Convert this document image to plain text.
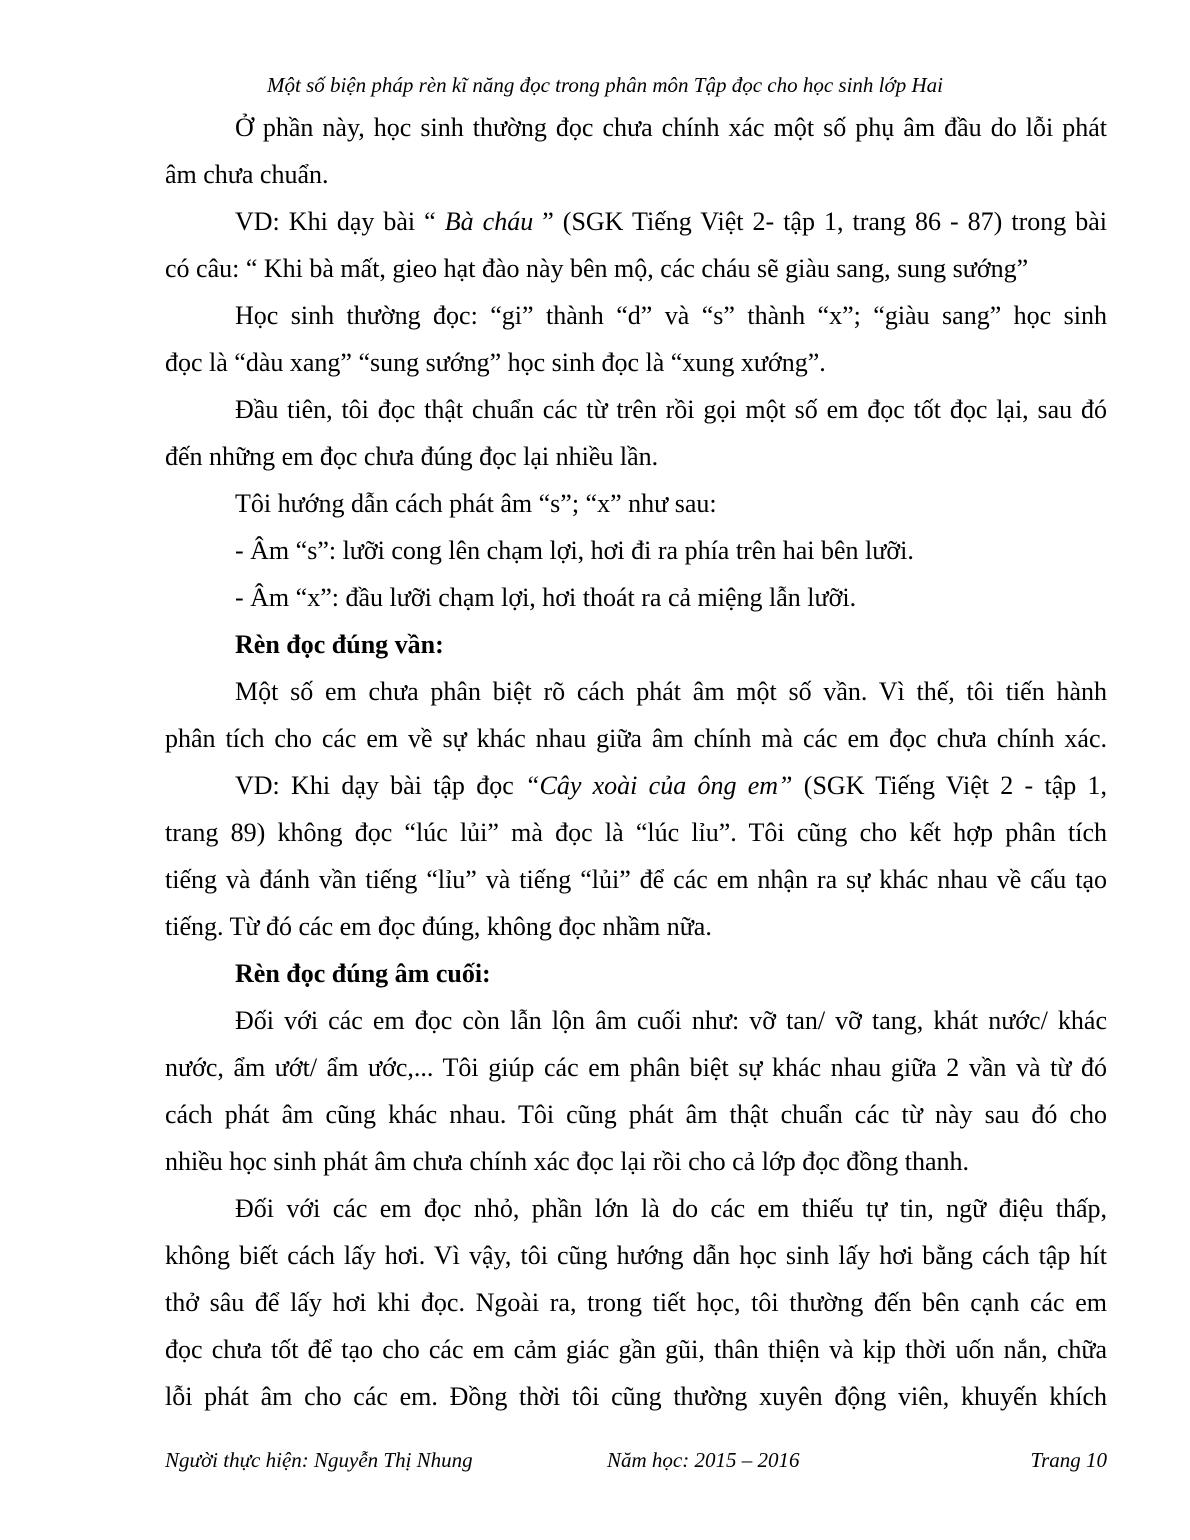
Một số biện pháp rèn kĩ năng đọc trong phân môn Tập đọc cho học sinh lớp Hai
Ở phần này, học sinh thường đọc chưa chính xác một số phụ âm đầu do lỗi phát
âm chưa chuẩn.
VD: Khi dạy bài “ Bà cháu ” (SGK Tiếng Việt 2- tập 1, trang 86 - 87) trong bài
có câu: “ Khi bà mất, gieo hạt đào này bên mộ, các cháu sẽ giàu sang, sung sướng”
Học sinh thường đọc: “gi” thành “d” và “s” thành “x”; “giàu sang” học sinh
đọc là “dàu xang” “sung sướng” học sinh đọc là “xung xướng”.
Đầu tiên, tôi đọc thật chuẩn các từ trên rồi gọi một số em đọc tốt đọc lại, sau đó
đến những em đọc chưa đúng đọc lại nhiều lần.
Tôi hướng dẫn cách phát âm “s”; “x” như sau:
- Âm “s”: lưỡi cong lên chạm lợi, hơi đi ra phía trên hai bên lưỡi.
- Âm “x”: đầu lưỡi chạm lợi, hơi thoát ra cả miệng lẫn lưỡi.
Rèn đọc đúng vần:
Một số em chưa phân biệt rõ cách phát âm một số vần. Vì thế, tôi tiến hành
phân tích cho các em về sự khác nhau giữa âm chính mà các em đọc chưa chính xác.
VD: Khi dạy bài tập đọc “Cây xoài của ông em” (SGK Tiếng Việt 2 - tập 1,
trang 89) không đọc “lúc lủi” mà đọc là “lúc lỉu”. Tôi cũng cho kết hợp phân tích
tiếng và đánh vần tiếng “lỉu” và tiếng “lủi” để các em nhận ra sự khác nhau về cấu tạo
tiếng. Từ đó các em đọc đúng, không đọc nhầm nữa.
Rèn đọc đúng âm cuối:
Đối với các em đọc còn lẫn lộn âm cuối như: vỡ tan/ vỡ tang, khát nước/ khác
nước, ẩm ướt/ ẩm ước,... Tôi giúp các em phân biệt sự khác nhau giữa 2 vần và từ đó
cách phát âm cũng khác nhau. Tôi cũng phát âm thật chuẩn các từ này sau đó cho
nhiều học sinh phát âm chưa chính xác đọc lại rồi cho cả lớp đọc đồng thanh.
Đối với các em đọc nhỏ, phần lớn là do các em thiếu tự tin, ngữ điệu thấp,
không biết cách lấy hơi. Vì vậy, tôi cũng hướng dẫn học sinh lấy hơi bằng cách tập hít
thở sâu để lấy hơi khi đọc. Ngoài ra, trong tiết học, tôi thường đến bên cạnh các em
đọc chưa tốt để tạo cho các em cảm giác gần gũi, thân thiện và kịp thời uốn nắn, chữa
lỗi phát âm cho các em. Đồng thời tôi cũng thường xuyên động viên, khuyến khích
Người thực hiện: Nguyễn Thị Nhung	Năm học: 2015 – 2016	Trang 10
